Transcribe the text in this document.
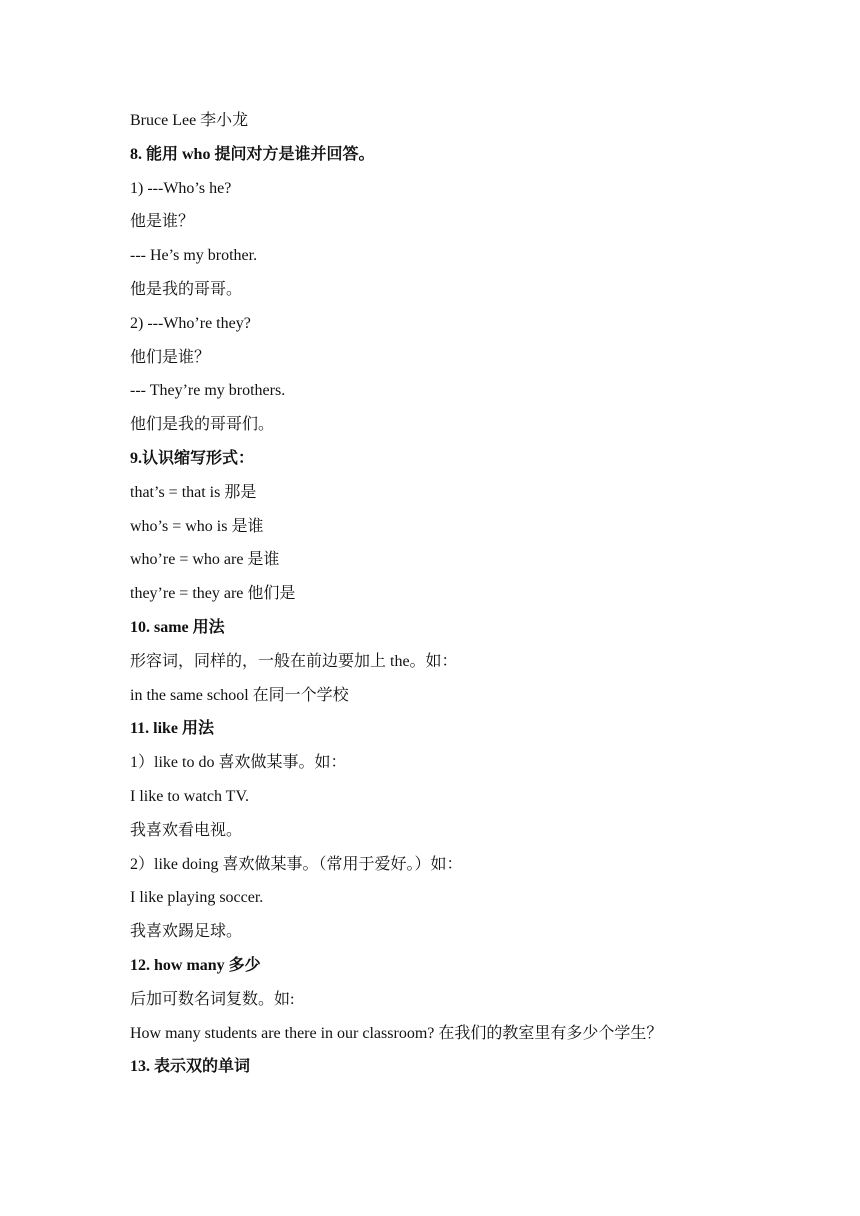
Bruce Lee 李小龙
8. 能用 who 提问对方是谁并回答。
1) ---Who’s he?
他是谁？
--- He’s my brother.
他是我的哥哥。
2) ---Who’re they?
他们是谁？
--- They’re my brothers.
他们是我的哥哥们。
9.认识缩写形式：
that’s = that is 那是
who’s = who is 是谁
who’re = who are 是谁
they’re = they are 他们是
10. same 用法
形容词，同样的，一般在前边要加上 the。如：
in the same school 在同一个学校
11. like 用法
1）like to do 喜欢做某事。如：
I like to watch TV.
我喜欢看电视。
2）like doing 喜欢做某事。（常用于爱好。）如：
I like playing soccer.
我喜欢踢足球。
12. how many 多少
后加可数名词复数。如:
How many students are there in our classroom? 在我们的教室里有多少个学生？
13. 表示双的单词
